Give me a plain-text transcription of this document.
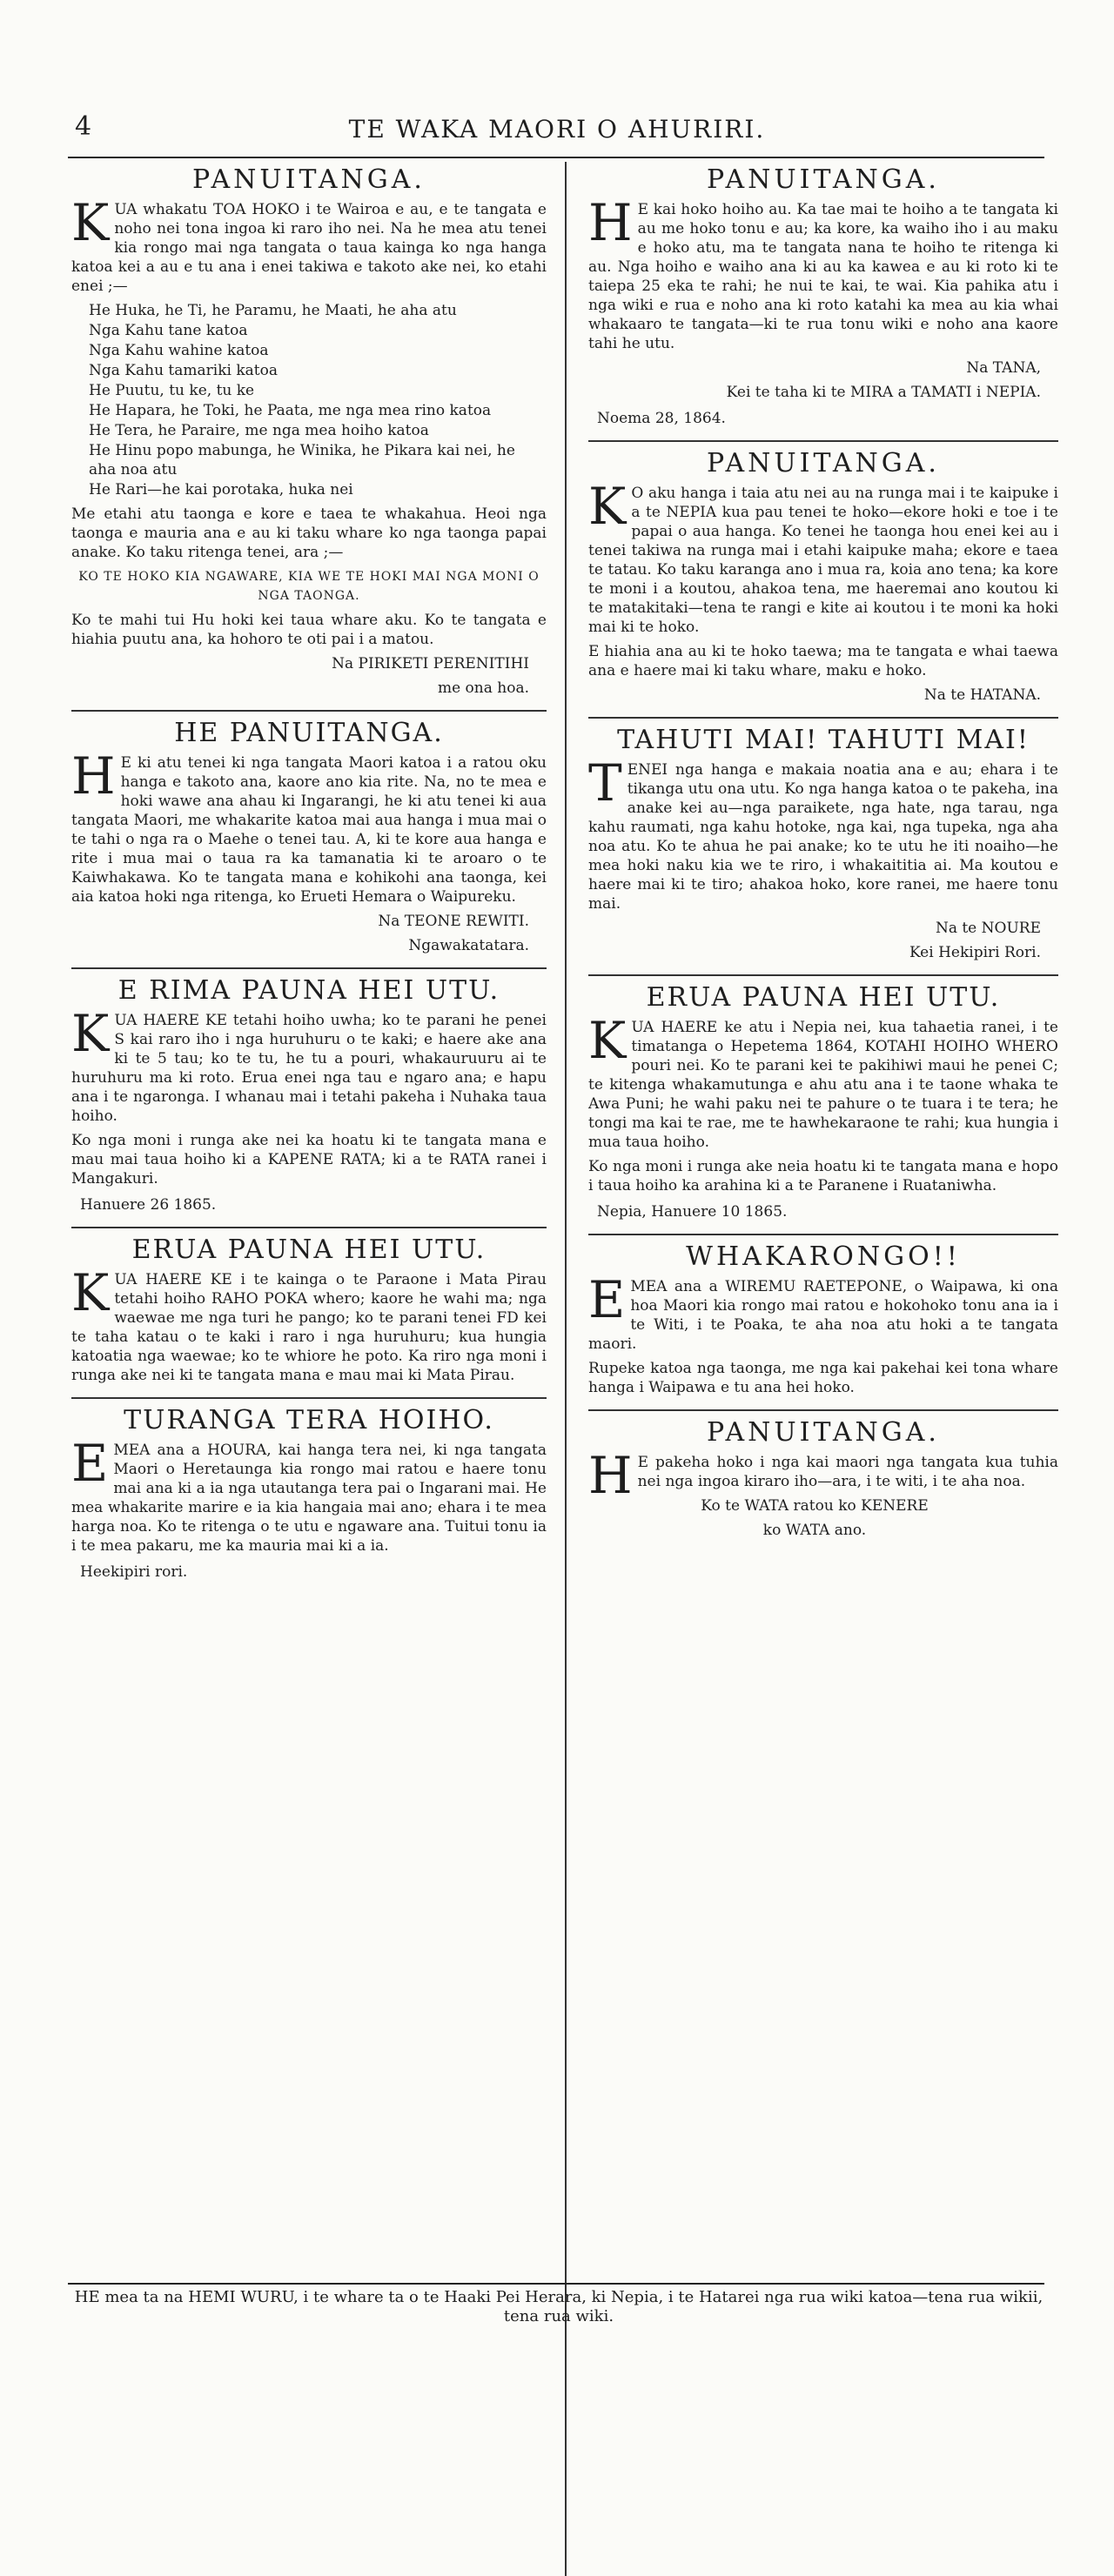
4	TE WAKA MAORI O AHURIRI.
PANUITANGA.

KUA whakatu TOA HOKO i te Wairoa e au, e te tangata e noho nei tona ingoa ki raro iho nei. Na he mea atu tenei kia rongo mai nga tangata o taua kainga ko nga hanga katoa kei a au e tu ana i enei takiwa e takoto ake nei, ko etahi enei ;—

He Huka, he Ti, he Paramu, he Maati, he aha atu
Nga Kahu tane katoa
Nga Kahu wahine katoa
Nga Kahu tamariki katoa
He Puutu, tu ke, tu ke
He Hapara, he Toki, he Paata, me nga mea rino katoa
He Tera, he Paraire, me nga mea hoiho katoa
He Hinu popo mabunga, he Winika, he Pikara kai nei, he aha noa atu
He Rari—he kai porotaka, huka nei

Me etahi atu taonga e kore e taea te whakahua. Heoi nga taonga e mauria ana e au ki taku whare ko nga taonga papai anake. Ko taku ritenga tenei, ara ;—

KO TE HOKO KIA NGAWARE, KIA WE TE HOKI MAI NGA MONI O NGA TAONGA.

Ko te mahi tui Hu hoki kei taua whare aku. Ko te tangata e hiahia puutu ana, ka hohoro te oti pai i a matou.

Na PIRIKETI PERENITIHI
me ona hoa.
HE PANUITANGA.

H E ki atu tenei ki nga tangata Maori katoa i a ratou oku hanga e takoto ana, kaore ano kia rite. Na, no te mea e hoki wawe ana ahau ki Ingarangi, he ki atu tenei ki aua tangata Maori, me whakarite katoa mai aua hanga i mua mai o te tahi o nga ra o Maehe o tenei tau. A, ki te kore aua hanga e rite i mua mai o taua ra ka tamanatia ki te aroaro o te Kaiwhakawa. Ko te tangata mana e kohikohi ana taonga, kei aia katoa hoki nga ritenga, ko Erueti Hemara o Waipureku.

Na TEONE REWITI.
Ngawakatatara.
E RIMA PAUNA HEI UTU.

KUA HAERE KE tetahi hoiho uwha; ko te parani he penei S kai raro iho i nga huruhuru o te kaki; e haere ake ana ki te 5 tau; ko te tu, he tu a pouri, whakauruuru ai te huruhuru ma ki roto. Erua enei nga tau e ngaro ana; e hapu ana i te ngaronga. I whanau mai i tetahi pakeha i Nuhaka taua hoiho.

Ko nga moni i runga ake nei ka hoatu ki te tangata mana e mau mai taua hoiho ki a KAPENE RATA; ki a te RATA ranei i Mangakuri.

Hanuere 26 1865.
ERUA PAUNA HEI UTU.

KUA HAERE KE i te kainga o te Paraone i Mata Pirau tetahi hoiho RAHO POKA whero; kaore he wahi ma; nga waewae me nga turi he pango; ko te parani tenei FD kei te taha katau o te kaki i raro i nga huruhuru; kua hungia katoatia nga waewae; ko te whiore he poto. Ka riro nga moni i runga ake nei ki te tangata mana e mau mai ki Mata Pirau.

TURANGA TERA HOIHO.

EMEA ana a HOURA, kai hanga tera nei, ki nga tangata Maori o Heretaunga kia rongo mai ratou e haere tonu mai ana ki a ia nga utautanga tera pai o Ingarani mai. He mea whakarite marire e ia kia hangaia mai ano; ehara i te mea harga noa. Ko te ritenga o te utu e ngaware ana. Tuitui tonu ia i te mea pakaru, me ka mauria mai ki a ia.

Heekipiri rori.
PANUITANGA.

H E kai hoko hoiho au. Ka tae mai te hoiho a te tangata ki au me hoko tonu e au; ka kore, ka waiho iho i au maku e hoko atu, ma te tangata nana te hoiho te ritenga ki au. Nga hoiho e waiho ana ki au ka kawea e au ki roto ki te taiepa 25 eka te rahi; he nui te kai, te wai. Kia pahika atu i nga wiki e rua e noho ana ki roto katahi ka mea au kia whai whakaaro te tangata—ki te rua tonu wiki e noho ana kaore tahi he utu.

Na TANA,
Kei te taha ki te MIRA a TAMATI i NEPIA.
Noema 28, 1864.
PANUITANGA.

K O aku hanga i taia atu nei au na runga mai i te kaipuke i a te NEPIA kua pau tenei te hoko—ekore hoki e toe i te papai o aua hanga. Ko tenei he taonga hou enei kei au i tenei takiwa na runga mai i etahi kaipuke maha; ekore e taea te tatau. Ko taku karanga ano i mua ra, koia ano tena; ka kore te moni i a koutou, ahakoa tena, me haeremai ano koutou ki te matakitaki—tena te rangi e kite ai koutou i te moni ka hoki mai ki te hoko.

E hiahia ana au ki te hoko taewa; ma te tangata e whai taewa ana e haere mai ki taku whare, maku e hoko.

Na te HATANA.
TAHUTI MAI! TAHUTI MAI!

TENEI nga hanga e makaia noatia ana e au; ehara i te tikanga utu ona utu. Ko nga hanga katoa o te pakeha, ina anake kei au—nga paraikete, nga hate, nga tarau, nga kahu raumati, nga kahu hotoke, nga kai, nga tupeka, nga aha noa atu. Ko te ahua he pai anake; ko te utu he iti noaiho—he mea hoki naku kia we te riro, i whakaititia ai. Ma koutou e haere mai ki te tiro; ahakoa hoko, kore ranei, me haere tonu mai.

Na te NOURE
Kei Hekipiri Rori.
ERUA PAUNA HEI UTU.

KUA HAERE ke atu i Nepia nei, kua tahaetia ranei, i te timatanga o Hepetema 1864, KOTAHI HOIHO WHERO pouri nei. Ko te parani kei te pakihiwi maui he penei C; te kitenga whakamutunga e ahu atu ana i te taone whaka te Awa Puni; he wahi paku nei te pahure o te tuara i te tera; he tongi ma kai te rae, me te hawhekaraone te rahi; kua hungia i mua taua hoiho.

Ko nga moni i runga ake neia hoatu ki te tangata mana e hopo i taua hoiho ka arahina ki a te Paranene i Ruataniwha.

Nepia, Hanuere 10 1865.
WHAKARONGO!!

EMEA ana a WIREMU RAETEPONE, o Waipawa, ki ona hoa Maori kia rongo mai ratou e hokohoko tonu ana ia i te Witi, i te Poaka, te aha noa atu hoki a te tangata maori.

Rupeke katoa nga taonga, me nga kai pakehai kei tona whare hanga i Waipawa e tu ana hei hoko.

PANUITANGA.

H E pakeha hoko i nga kai maori nga tangata kua tuhia nei nga ingoa kiraro iho—ara, i te witi, i te aha noa.

Ko te WATA ratou ko KENERE
ko WATA ano.
HE mea ta na HEMI WURU, i te whare ta o te Haaki Pei Herara, ki Nepia, i te Hatarei nga rua wiki katoa—tena rua wikii, tena rua wiki.
